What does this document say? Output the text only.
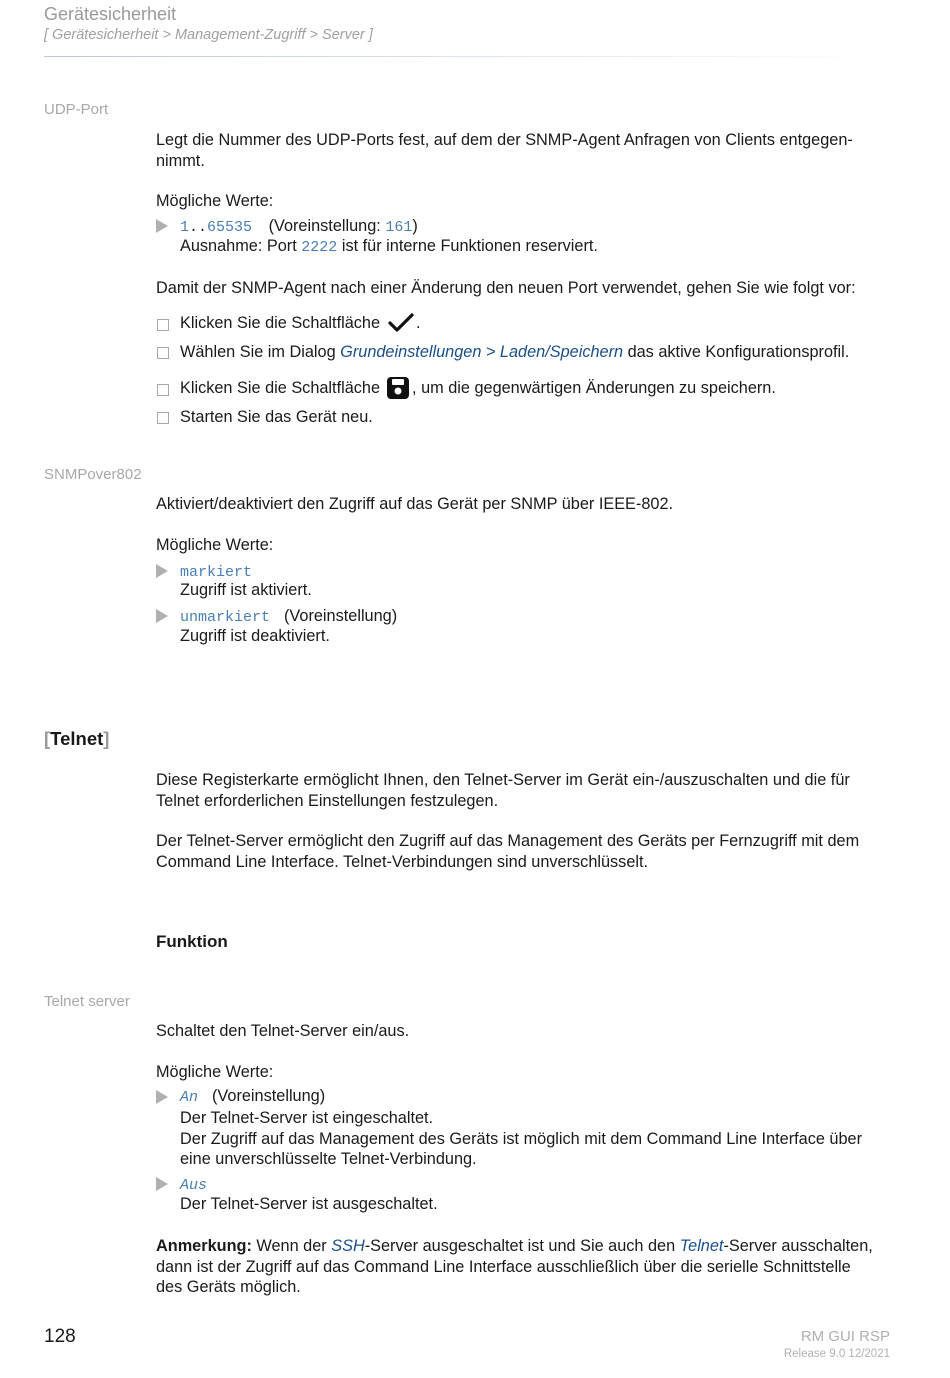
Gerätesicherheit
[ Gerätesicherheit > Management-Zugriff > Server ]
UDP-Port
Legt die Nummer des UDP-Ports fest, auf dem der SNMP-Agent Anfragen von Clients entgegen-
nimmt.
Mögliche Werte:
1..65535 (Voreinstellung: 161)
Ausnahme: Port 2222 ist für interne Funktionen reserviert.
Damit der SNMP-Agent nach einer Änderung den neuen Port verwendet, gehen Sie wie folgt vor:
Klicken Sie die Schaltfläche .
Wählen Sie im Dialog Grundeinstellungen > Laden/Speichern das aktive Konfigurationsprofil.
Klicken Sie die Schaltfläche , um die gegenwärtigen Änderungen zu speichern.
Starten Sie das Gerät neu.
SNMPover802
Aktiviert/deaktiviert den Zugriff auf das Gerät per SNMP über IEEE-802.
Mögliche Werte:
markiert
Zugriff ist aktiviert.
unmarkiert (Voreinstellung)
Zugriff ist deaktiviert.
[Telnet]
Diese Registerkarte ermöglicht Ihnen, den Telnet-Server im Gerät ein-/auszuschalten und die für
Telnet erforderlichen Einstellungen festzulegen.
Der Telnet-Server ermöglicht den Zugriff auf das Management des Geräts per Fernzugriff mit dem
Command Line Interface. Telnet-Verbindungen sind unverschlüsselt.
Funktion
Telnet server
Schaltet den Telnet-Server ein/aus.
Mögliche Werte:
An (Voreinstellung)
Der Telnet-Server ist eingeschaltet.
Der Zugriff auf das Management des Geräts ist möglich mit dem Command Line Interface über
eine unverschlüsselte Telnet-Verbindung.
Aus
Der Telnet-Server ist ausgeschaltet.
Anmerkung: Wenn der SSH-Server ausgeschaltet ist und Sie auch den Telnet-Server ausschalten,
dann ist der Zugriff auf das Command Line Interface ausschließlich über die serielle Schnittstelle
des Geräts möglich.
128	RM GUI RSP
Release 9.0 12/2021
